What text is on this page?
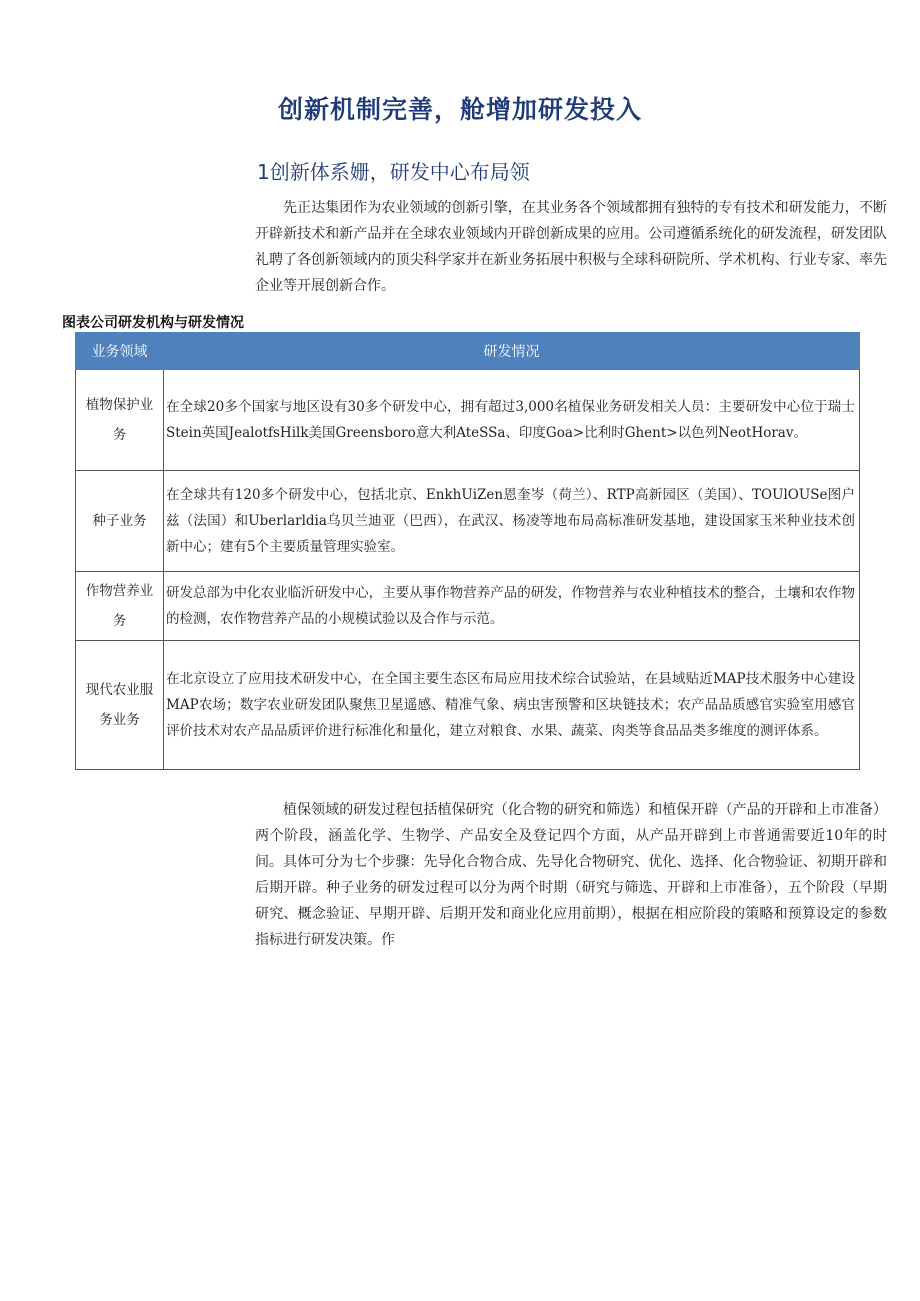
创新机制完善，舱增加研发投入
1创新体系姗，研发中心布局领
先正达集团作为农业领域的创新引擎，在其业务各个领域都拥有独特的专有技术和研发能力，不断开辟新技术和新产品并在全球农业领域内开辟创新成果的应用。公司遵循系统化的研发流程，研发团队礼聘了各创新领域内的顶尖科学家并在新业务拓展中积极与全球科研院所、学术机构、行业专家、率先企业等开展创新合作。
图表公司研发机构与研发情况
业务领域	研发情况
植物保护业务	在全球20多个国家与地区设有30多个研发中心，拥有超过3,000名植保业务研发相关人员：主要研发中心位于瑞士Stein英国JealotfsHilk美国Greensboro意大利AteSSa、印度Goa>比利时Ghent>以色列NeotHorav。
种子业务	在全球共有120多个研发中心，包括北京、EnkhUiZen恩奎岑（荷兰）、RTP高新园区（美国）、TOUlOUSe图户兹（法国）和Uberlarldia乌贝兰迪亚（巴西），在武汉、杨凌等地布局高标准研发基地，建设国家玉米种业技术创新中心；建有5个主要质量管理实验室。
作物营养业务	研发总部为中化农业临沂研发中心，主要从事作物营养产品的研发，作物营养与农业种植技术的整合，土壤和农作物的检测，农作物营养产品的小规模试验以及合作与示范。
现代农业服务业务	在北京设立了应用技术研发中心，在全国主要生态区布局应用技术综合试验站，在县域贴近MAP技术服务中心建设MAP农场；数字农业研发团队聚焦卫星遥感、精准气象、病虫害预警和区块链技术；农产品品质感官实验室用感官评价技术对农产品品质评价进行标准化和量化，建立对粮食、水果、蔬菜、肉类等食品品类多维度的测评体系。
植保领域的研发过程包括植保研究（化合物的研究和筛选）和植保开辟（产品的开辟和上市准备）两个阶段，涵盖化学、生物学、产品安全及登记四个方面，从产品开辟到上市普通需要近10年的时间。具体可分为七个步骤：先导化合物合成、先导化合物研究、优化、选择、化合物验证、初期开辟和后期开辟。种子业务的研发过程可以分为两个时期（研究与筛选、开辟和上市准备），五个阶段（早期研究、概念验证、早期开辟、后期开发和商业化应用前期），根据在相应阶段的策略和预算设定的参数指标进行研发决策。作
